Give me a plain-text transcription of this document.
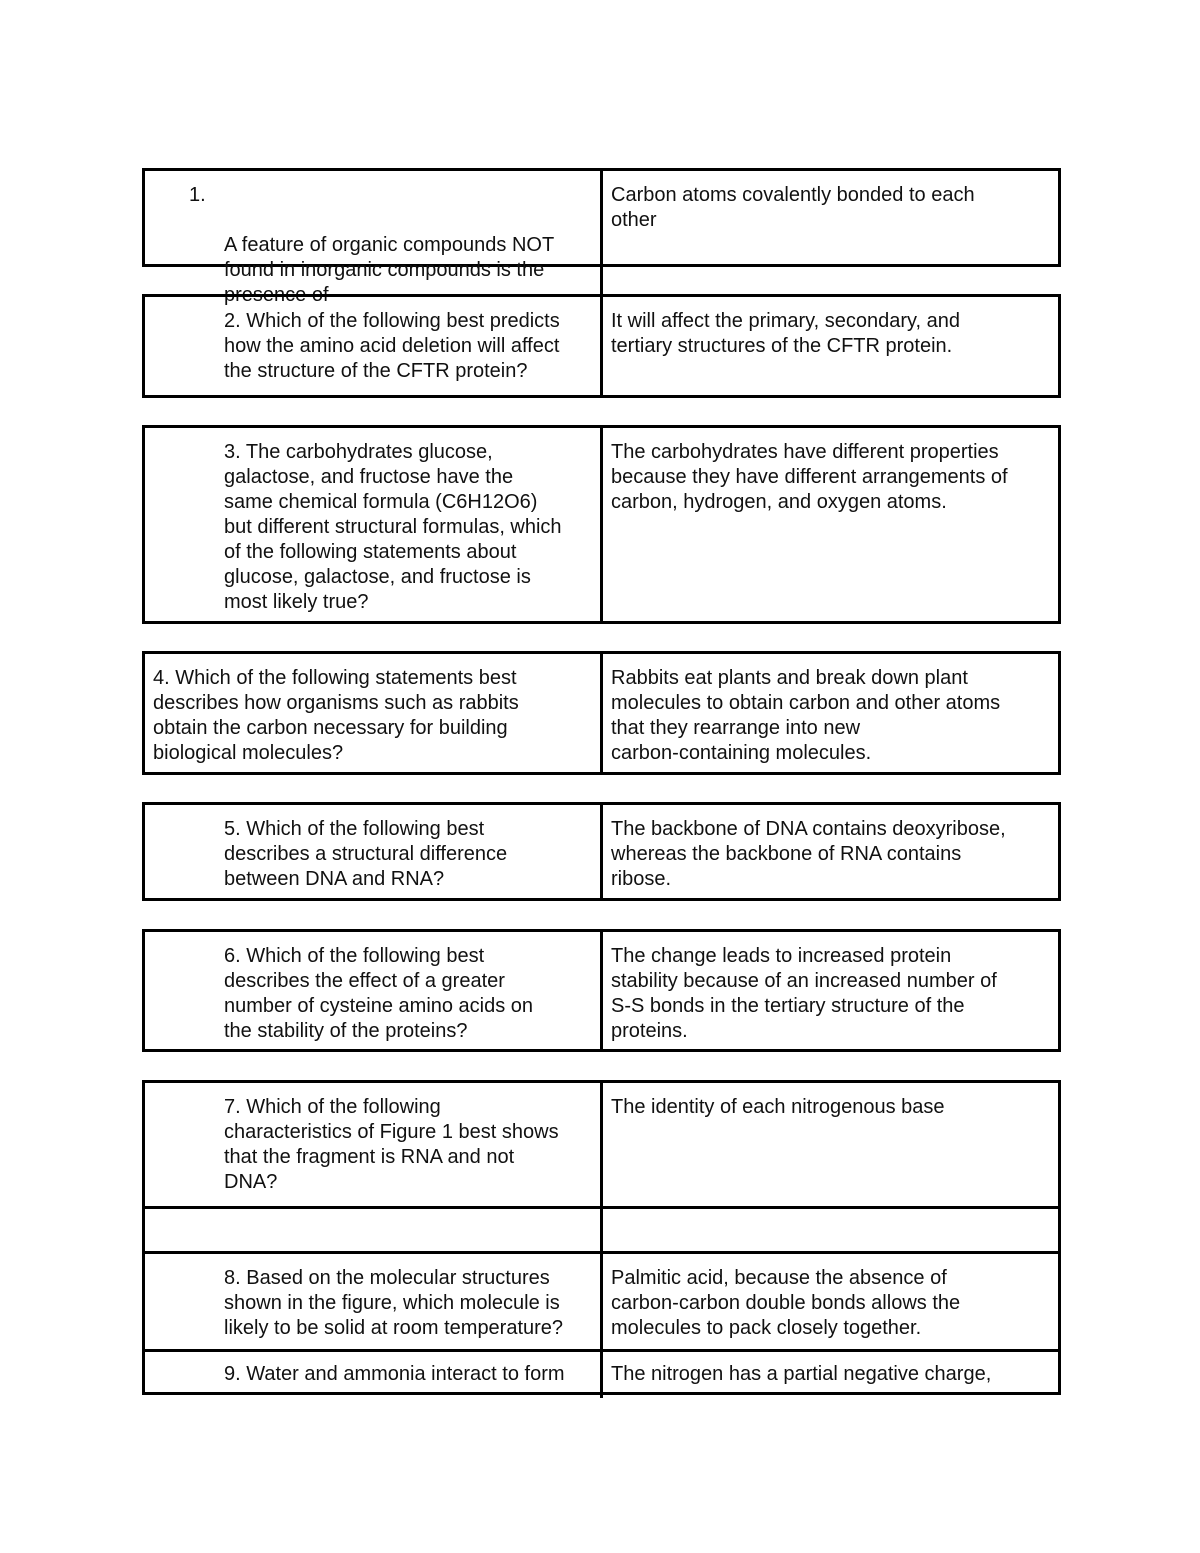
1.

A feature of organic compounds NOT
found in inorganic compounds is the
presence of

Carbon atoms covalently bonded to each
other
2. Which of the following best predicts
how the amino acid deletion will affect
the structure of the CFTR protein?
It will affect the primary, secondary, and
tertiary structures of the CFTR protein.
3. The carbohydrates glucose,
galactose, and fructose have the
same chemical formula (C6H12O6)
but different structural formulas, which
of the following statements about
glucose, galactose, and fructose is
most likely true?
The carbohydrates have different properties
because they have different arrangements of
carbon, hydrogen, and oxygen atoms.
4. Which of the following statements best
describes how organisms such as rabbits
obtain the carbon necessary for building
biological molecules?
Rabbits eat plants and break down plant
molecules to obtain carbon and other atoms
that they rearrange into new
carbon-containing molecules.
5. Which of the following best
describes a structural difference
between DNA and RNA?
The backbone of DNA contains deoxyribose,
whereas the backbone of RNA contains
ribose.
6. Which of the following best
describes the effect of a greater
number of cysteine amino acids on
the stability of the proteins?
The change leads to increased protein
stability because of an increased number of
S-S bonds in the tertiary structure of the
proteins.
7. Which of the following
characteristics of Figure 1 best shows
that the fragment is RNA and not
DNA?
The identity of each nitrogenous base
8. Based on the molecular structures
shown in the figure, which molecule is
likely to be solid at room temperature?
Palmitic acid, because the absence of
carbon-carbon double bonds allows the
molecules to pack closely together.
9. Water and ammonia interact to form	The nitrogen has a partial negative charge,
